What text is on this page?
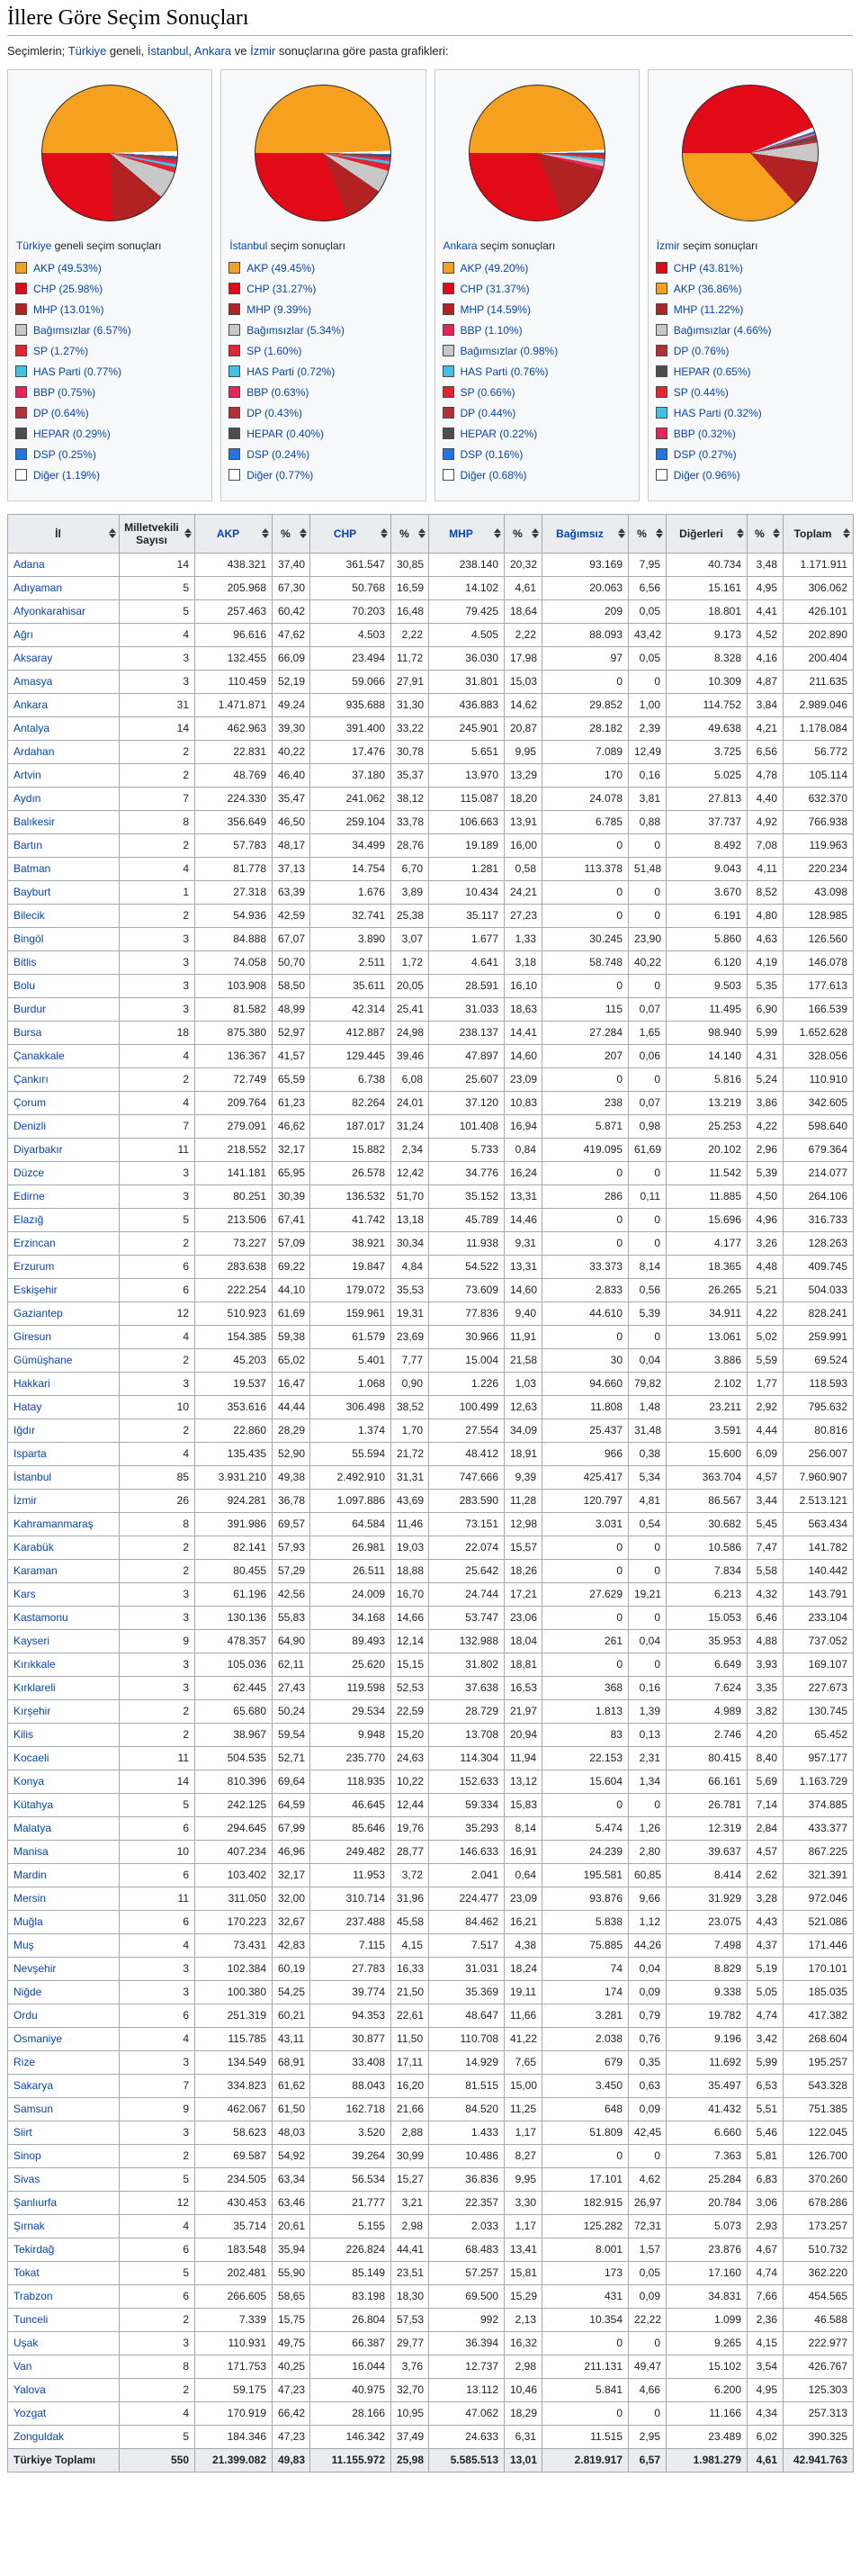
İllere Göre Seçim Sonuçları

Seçimlerin; Türkiye geneli, İstanbul, Ankara ve İzmir sonuçlarına göre pasta grafikleri:

Türkiye geneli seçim sonuçları
AKP (49.53%)
CHP (25.98%)
MHP (13.01%)
Bağımsızlar (6.57%)
SP (1.27%)
HAS Parti (0.77%)
BBP (0.75%)
DP (0.64%)
HEPAR (0.29%)
DSP (0.25%)
Diğer (1.19%)
İstanbul seçim sonuçları
AKP (49.45%)
CHP (31.27%)
MHP (9.39%)
Bağımsızlar (5.34%)
SP (1.60%)
HAS Parti (0.72%)
BBP (0.63%)
DP (0.43%)
HEPAR (0.40%)
DSP (0.24%)
Diğer (0.77%)
Ankara seçim sonuçları
AKP (49.20%)
CHP (31.37%)
MHP (14.59%)
BBP (1.10%)
Bağımsızlar (0.98%)
HAS Parti (0.76%)
SP (0.66%)
DP (0.44%)
HEPAR (0.22%)
DSP (0.16%)
Diğer (0.68%)
İzmir seçim sonuçları
CHP (43.81%)
AKP (36.86%)
MHP (11.22%)
Bağımsızlar (4.66%)
DP (0.76%)
HEPAR (0.65%)
SP (0.44%)
HAS Parti (0.32%)
BBP (0.32%)
DSP (0.27%)
Diğer (0.96%)
İl	Milletvekili Sayısı	AKP	%	CHP	%	MHP	%	Bağımsız	%	Diğerleri	%	Toplam

Adana	14	438.321	37,40	361.547	30,85	238.140	20,32	93.169	7,95	40.734	3,48	1.171.911
Adıyaman	5	205.968	67,30	50.768	16,59	14.102	4,61	20.063	6,56	15.161	4,95	306.062
Afyonkarahisar	5	257.463	60,42	70.203	16,48	79.425	18,64	209	0,05	18.801	4,41	426.101
Ağrı	4	96.616	47,62	4.503	2,22	4.505	2,22	88.093	43,42	9.173	4,52	202.890
Aksaray	3	132.455	66,09	23.494	11,72	36.030	17,98	97	0,05	8.328	4,16	200.404
Amasya	3	110.459	52,19	59.066	27,91	31.801	15,03	0	0	10.309	4,87	211.635
Ankara	31	1.471.871	49,24	935.688	31,30	436.883	14,62	29.852	1,00	114.752	3,84	2.989.046
Antalya	14	462.963	39,30	391.400	33,22	245.901	20,87	28.182	2,39	49.638	4,21	1.178.084
Ardahan	2	22.831	40,22	17.476	30,78	5.651	9,95	7.089	12,49	3.725	6,56	56.772
Artvin	2	48.769	46,40	37.180	35,37	13.970	13,29	170	0,16	5.025	4,78	105.114
Aydın	7	224.330	35,47	241.062	38,12	115.087	18,20	24.078	3,81	27.813	4,40	632.370
Balıkesir	8	356.649	46,50	259.104	33,78	106.663	13,91	6.785	0,88	37.737	4,92	766.938
Bartın	2	57.783	48,17	34.499	28,76	19.189	16,00	0	0	8.492	7,08	119.963
Batman	4	81.778	37,13	14.754	6,70	1.281	0,58	113.378	51,48	9.043	4,11	220.234
Bayburt	1	27.318	63,39	1.676	3,89	10.434	24,21	0	0	3.670	8,52	43.098
Bilecik	2	54.936	42,59	32.741	25,38	35.117	27,23	0	0	6.191	4,80	128.985
Bingöl	3	84.888	67,07	3.890	3,07	1.677	1,33	30.245	23,90	5.860	4,63	126.560
Bitlis	3	74.058	50,70	2.511	1,72	4.641	3,18	58.748	40,22	6.120	4,19	146.078
Bolu	3	103.908	58,50	35.611	20,05	28.591	16,10	0	0	9.503	5,35	177.613
Burdur	3	81.582	48,99	42.314	25,41	31.033	18,63	115	0,07	11.495	6,90	166.539
Bursa	18	875.380	52,97	412.887	24,98	238.137	14,41	27.284	1,65	98.940	5,99	1.652.628
Çanakkale	4	136.367	41,57	129.445	39,46	47.897	14,60	207	0,06	14.140	4,31	328.056
Çankırı	2	72.749	65,59	6.738	6,08	25.607	23,09	0	0	5.816	5,24	110.910
Çorum	4	209.764	61,23	82.264	24,01	37.120	10,83	238	0,07	13.219	3,86	342.605
Denizli	7	279.091	46,62	187.017	31,24	101.408	16,94	5.871	0,98	25.253	4,22	598.640
Diyarbakır	11	218.552	32,17	15.882	2,34	5.733	0,84	419.095	61,69	20.102	2,96	679.364
Düzce	3	141.181	65,95	26.578	12,42	34.776	16,24	0	0	11.542	5,39	214.077
Edirne	3	80.251	30,39	136.532	51,70	35.152	13,31	286	0,11	11.885	4,50	264.106
Elazığ	5	213.506	67,41	41.742	13,18	45.789	14,46	0	0	15.696	4,96	316.733
Erzincan	2	73.227	57,09	38.921	30,34	11.938	9,31	0	0	4.177	3,26	128.263
Erzurum	6	283.638	69,22	19.847	4,84	54.522	13,31	33.373	8,14	18.365	4,48	409.745
Eskişehir	6	222.254	44,10	179.072	35,53	73.609	14,60	2.833	0,56	26.265	5,21	504.033
Gaziantep	12	510.923	61,69	159.961	19,31	77.836	9,40	44.610	5,39	34.911	4,22	828.241
Giresun	4	154.385	59,38	61.579	23,69	30.966	11,91	0	0	13.061	5,02	259.991
Gümüşhane	2	45.203	65,02	5.401	7,77	15.004	21,58	30	0,04	3.886	5,59	69.524
Hakkari	3	19.537	16,47	1.068	0,90	1.226	1,03	94.660	79,82	2.102	1,77	118.593
Hatay	10	353.616	44,44	306.498	38,52	100.499	12,63	11.808	1,48	23.211	2,92	795.632
Iğdır	2	22.860	28,29	1.374	1,70	27.554	34,09	25.437	31,48	3.591	4,44	80.816
Isparta	4	135.435	52,90	55.594	21,72	48.412	18,91	966	0,38	15.600	6,09	256.007
İstanbul	85	3.931.210	49,38	2.492.910	31,31	747.666	9,39	425.417	5,34	363.704	4,57	7.960.907
İzmir	26	924.281	36,78	1.097.886	43,69	283.590	11,28	120.797	4,81	86.567	3,44	2.513.121
Kahramanmaraş	8	391.986	69,57	64.584	11,46	73.151	12,98	3.031	0,54	30.682	5,45	563.434
Karabük	2	82.141	57,93	26.981	19,03	22.074	15,57	0	0	10.586	7,47	141.782
Karaman	2	80.455	57,29	26.511	18,88	25.642	18,26	0	0	7.834	5,58	140.442
Kars	3	61.196	42,56	24.009	16,70	24.744	17,21	27.629	19,21	6.213	4,32	143.791
Kastamonu	3	130.136	55,83	34.168	14,66	53.747	23,06	0	0	15.053	6,46	233.104
Kayseri	9	478.357	64,90	89.493	12,14	132.988	18,04	261	0,04	35.953	4,88	737.052
Kırıkkale	3	105.036	62,11	25.620	15,15	31.802	18,81	0	0	6.649	3,93	169.107
Kırklareli	3	62.445	27,43	119.598	52,53	37.638	16,53	368	0,16	7.624	3,35	227.673
Kırşehir	2	65.680	50,24	29.534	22,59	28.729	21,97	1.813	1,39	4.989	3,82	130.745
Kilis	2	38.967	59,54	9.948	15,20	13.708	20,94	83	0,13	2.746	4,20	65.452
Kocaeli	11	504.535	52,71	235.770	24,63	114.304	11,94	22.153	2,31	80.415	8,40	957.177
Konya	14	810.396	69,64	118.935	10,22	152.633	13,12	15.604	1,34	66.161	5,69	1.163.729
Kütahya	5	242.125	64,59	46.645	12,44	59.334	15,83	0	0	26.781	7,14	374.885
Malatya	6	294.645	67,99	85.646	19,76	35.293	8,14	5.474	1,26	12.319	2,84	433.377
Manisa	10	407.234	46,96	249.482	28,77	146.633	16,91	24.239	2,80	39.637	4,57	867.225
Mardin	6	103.402	32,17	11.953	3,72	2.041	0,64	195.581	60,85	8.414	2,62	321.391
Mersin	11	311.050	32,00	310.714	31,96	224.477	23,09	93.876	9,66	31.929	3,28	972.046
Muğla	6	170.223	32,67	237.488	45,58	84.462	16,21	5.838	1,12	23.075	4,43	521.086
Muş	4	73.431	42,83	7.115	4,15	7.517	4,38	75.885	44,26	7.498	4,37	171.446
Nevşehir	3	102.384	60,19	27.783	16,33	31.031	18,24	74	0,04	8.829	5,19	170.101
Niğde	3	100.380	54,25	39.774	21,50	35.369	19,11	174	0,09	9.338	5,05	185.035
Ordu	6	251.319	60,21	94.353	22,61	48.647	11,66	3.281	0,79	19.782	4,74	417.382
Osmaniye	4	115.785	43,11	30.877	11,50	110.708	41,22	2.038	0,76	9.196	3,42	268.604
Rize	3	134.549	68,91	33.408	17,11	14.929	7,65	679	0,35	11.692	5,99	195.257
Sakarya	7	334.823	61,62	88.043	16,20	81.515	15,00	3.450	0,63	35.497	6,53	543.328
Samsun	9	462.067	61,50	162.718	21,66	84.520	11,25	648	0,09	41.432	5,51	751.385
Siirt	3	58.623	48,03	3.520	2,88	1.433	1,17	51.809	42,45	6.660	5,46	122.045
Sinop	2	69.587	54,92	39.264	30,99	10.486	8,27	0	0	7.363	5,81	126.700
Sivas	5	234.505	63,34	56.534	15,27	36.836	9,95	17.101	4,62	25.284	6,83	370.260
Şanlıurfa	12	430.453	63,46	21.777	3,21	22.357	3,30	182.915	26,97	20.784	3,06	678.286
Şırnak	4	35.714	20,61	5.155	2,98	2.033	1,17	125.282	72,31	5.073	2,93	173.257
Tekirdağ	6	183.548	35,94	226.824	44,41	68.483	13,41	8.001	1,57	23.876	4,67	510.732
Tokat	5	202.481	55,90	85.149	23,51	57.257	15,81	173	0,05	17.160	4,74	362.220
Trabzon	6	266.605	58,65	83.198	18,30	69.500	15,29	431	0,09	34.831	7,66	454.565
Tunceli	2	7.339	15,75	26.804	57,53	992	2,13	10.354	22,22	1.099	2,36	46.588
Uşak	3	110.931	49,75	66.387	29,77	36.394	16,32	0	0	9.265	4,15	222.977
Van	8	171.753	40,25	16.044	3,76	12.737	2,98	211.131	49,47	15.102	3,54	426.767
Yalova	2	59.175	47,23	40.975	32,70	13.112	10,46	5.841	4,66	6.200	4,95	125.303
Yozgat	4	170.919	66,42	28.166	10,95	47.062	18,29	0	0	11.166	4,34	257.313
Zonguldak	5	184.346	47,23	146.342	37,49	24.633	6,31	11.515	2,95	23.489	6,02	390.325
Türkiye Toplamı	550	21.399.082	49,83	11.155.972	25,98	5.585.513	13,01	2.819.917	6,57	1.981.279	4,61	42.941.763
